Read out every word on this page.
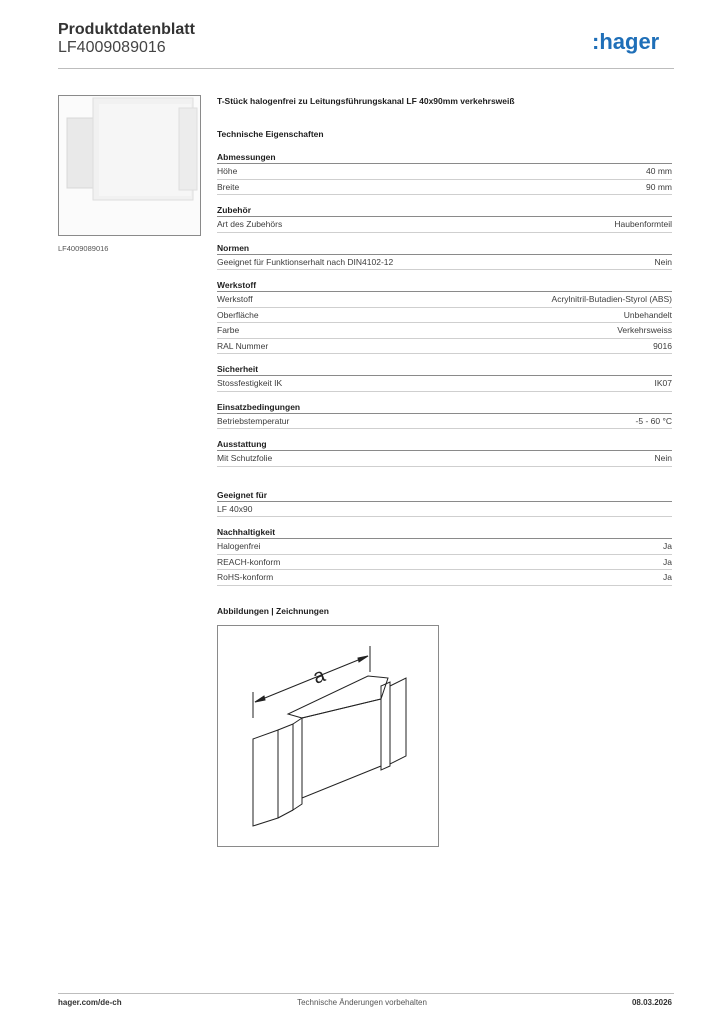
Produktdatenblatt
LF4009089016	:hager
LF4009089016
T-Stück halogenfrei zu Leitungsführungskanal LF 40x90mm verkehrsweiß
Technische Eigenschaften
Abmessungen
Höhe	40 mm
Breite	90 mm
Zubehör
Art des Zubehörs	Haubenformteil
Normen
Geeignet für Funktionserhalt nach DIN4102-12	Nein
Werkstoff
Werkstoff	Acrylnitril-Butadien-Styrol (ABS)
Oberfläche	Unbehandelt
Farbe	Verkehrsweiss
RAL Nummer	9016
Sicherheit
Stossfestigkeit IK	IK07
Einsatzbedingungen
Betriebstemperatur	-5 - 60 °C
Ausstattung
Mit Schutzfolie	Nein
Geeignet für
LF 40x90
Nachhaltigkeit
Halogenfrei	Ja
REACH-konform	Ja
RoHS-konform	Ja
Abbildungen | Zeichnungen
a
hager.com/de-ch	Technische Änderungen vorbehalten	08.03.2026
